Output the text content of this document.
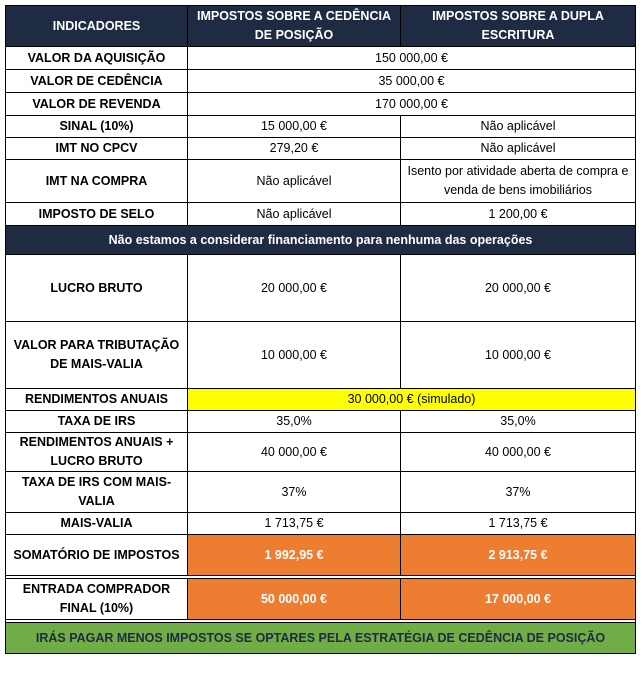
INDICADORES	IMPOSTOS SOBRE A CEDÊNCIA DE POSIÇÃO	IMPOSTOS SOBRE A DUPLA ESCRITURA
VALOR DA AQUISIÇÃO	150 000,00 €	
VALOR DE CEDÊNCIA	35 000,00 €	
VALOR DE REVENDA	170 000,00 €	
SINAL (10%)	15 000,00 €	Não aplicável
IMT NO CPCV	279,20 €	Não aplicável
IMT NA COMPRA	Não aplicável	Isento por atividade aberta de compra e venda de bens imobiliários
IMPOSTO DE SELO	Não aplicável	1 200,00 €
Não estamos a considerar financiamento para nenhuma das operações		
LUCRO BRUTO	20 000,00 €	20 000,00 €
VALOR PARA TRIBUTAÇÃO DE MAIS-VALIA	10 000,00 €	10 000,00 €
RENDIMENTOS ANUAIS	30 000,00 € (simulado)	
TAXA DE IRS	35,0%	35,0%
RENDIMENTOS ANUAIS + LUCRO BRUTO	40 000,00 €	40 000,00 €
TAXA DE IRS COM MAIS-VALIA	37%	37%
MAIS-VALIA	1 713,75 €	1 713,75 €
SOMATÓRIO DE IMPOSTOS	1 992,95 €	2 913,75 €

ENTRADA COMPRADOR FINAL (10%)	50 000,00 €	17 000,00 €

IRÁS PAGAR MENOS IMPOSTOS SE OPTARES PELA ESTRATÉGIA DE CEDÊNCIA DE POSIÇÃO		
